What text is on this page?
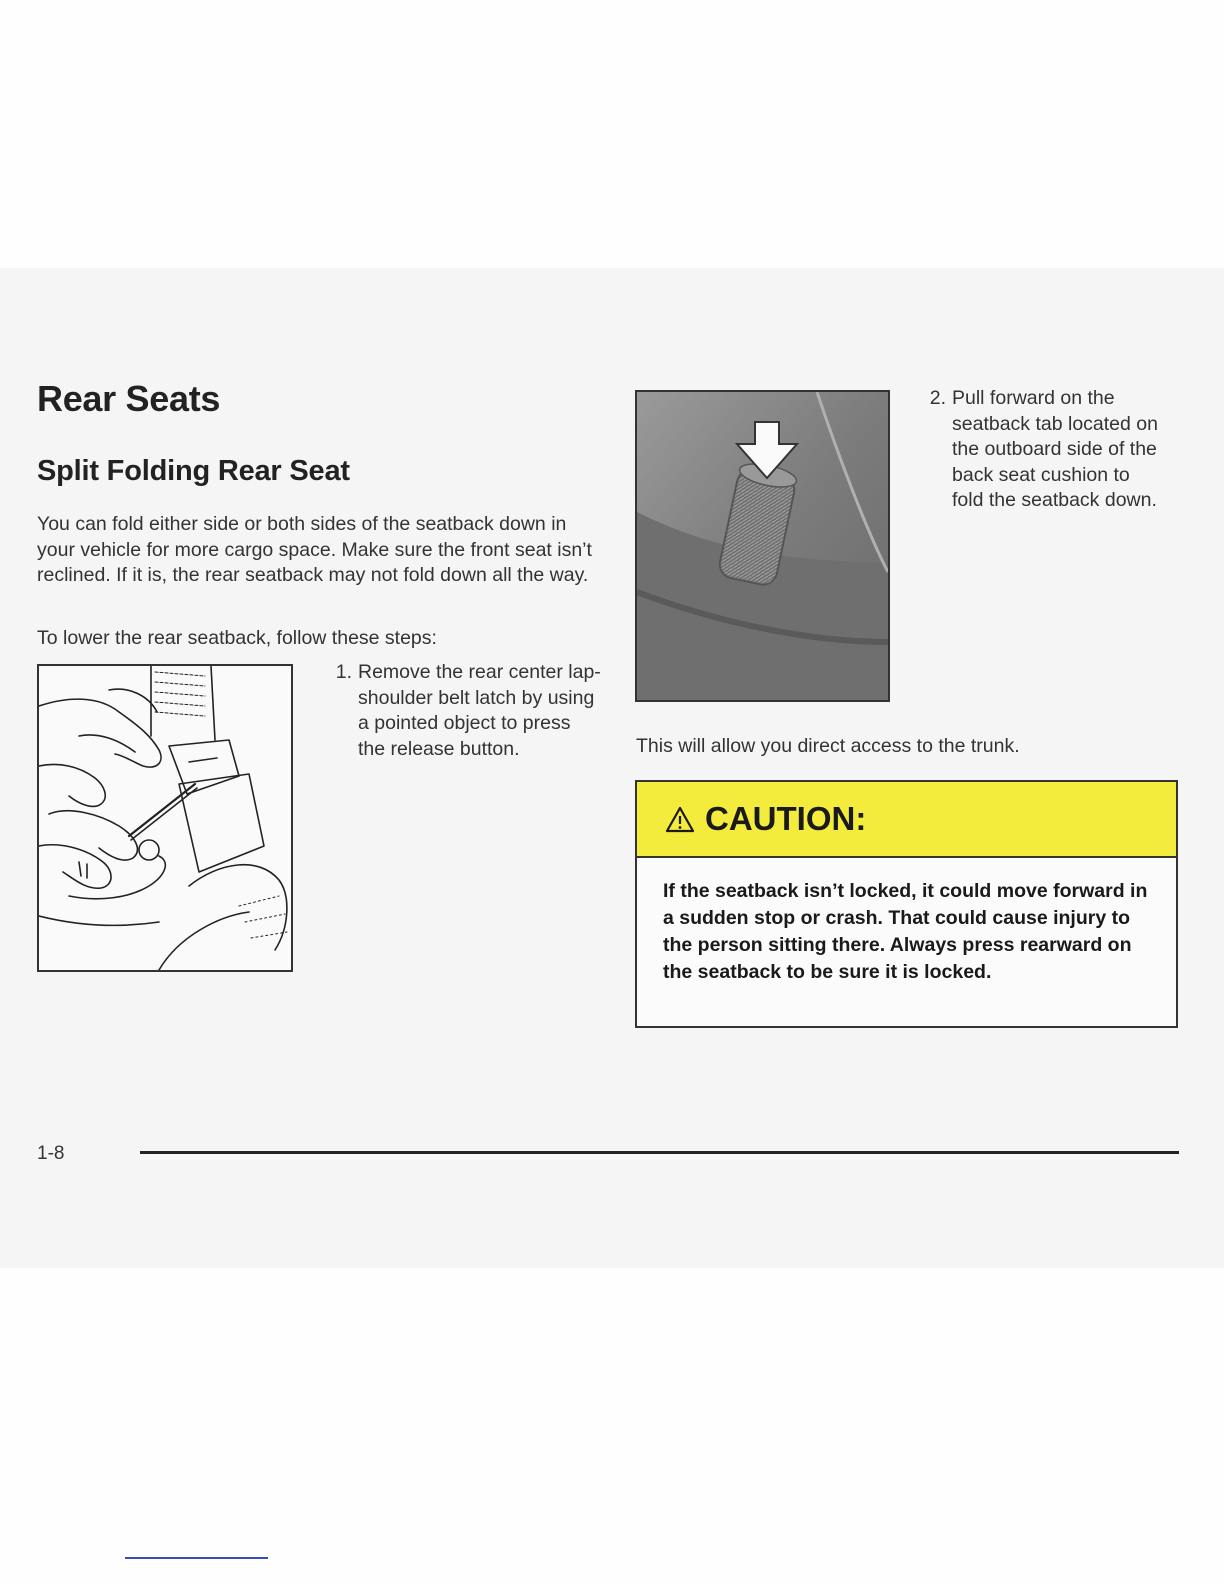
Rear Seats
Split Folding Rear Seat

You can fold either side or both sides of the seatback down in your vehicle for more cargo space. Make sure the front seat isn’t reclined. If it is, the rear seatback may not fold down all the way.

To lower the rear seatback, follow these steps:

1. Remove the rear center lap-shoulder belt latch by using a pointed object to press the release button.
2. Pull forward on the seatback tab located on the outboard side of the back seat cushion to fold the seatback down.

This will allow you direct access to the trunk.

CAUTION:
If the seatback isn’t locked, it could move forward in a sudden stop or crash. That could cause injury to the person sitting there. Always press rearward on the seatback to be sure it is locked.
1-8
